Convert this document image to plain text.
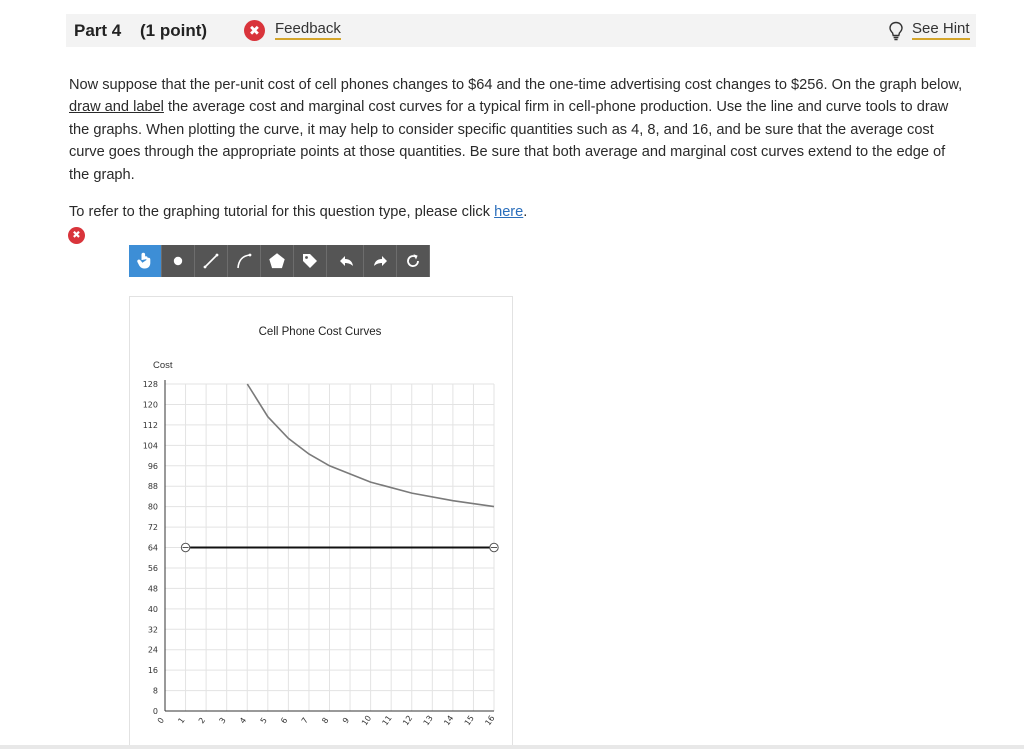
Part 4 (1 point)	✖	Feedback	See Hint
Now suppose that the per-unit cost of cell phones changes to $64 and the one-time advertising cost changes to $256. On the graph below, draw and label the average cost and marginal cost curves for a typical firm in cell-phone production. Use the line and curve tools to draw the graphs. When plotting the curve, it may help to consider specific quantities such as 4, 8, and 16, and be sure that the average cost curve goes through the appropriate points at those quantities. Be sure that both average and marginal cost curves extend to the edge of the graph.
To refer to the graphing tutorial for this question type, please click here.
✖
Cell Phone Cost Curves
Cost
0
8
16
24
32
40
48
56
64
72
80
88
96
104
112
120
128
0 1 2 3 4 5 6 7 8 9 10 11 12 13 14 15 16
